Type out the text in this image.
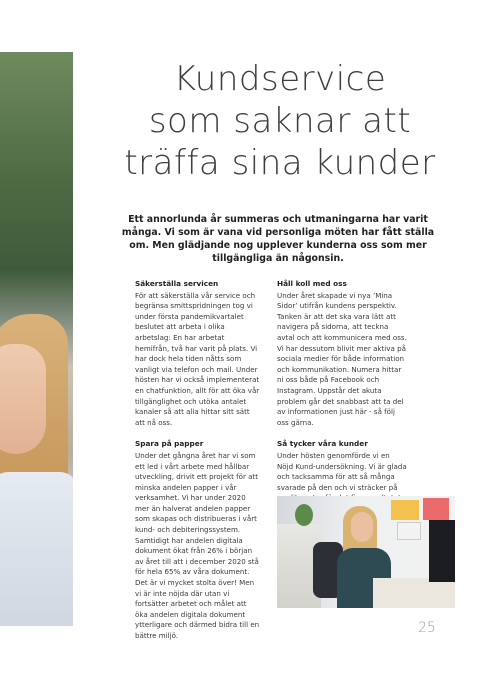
Kundservice
som saknar att
träffa sina kunder
Ett annorlunda år summeras och utmaningarna har varit många. Vi som är vana vid personliga möten har fått ställa om. Men glädjande nog upplever kunderna oss som mer tillgängliga än någonsin.
Säkerställa servicen

För att säkerställa vår service och begränsa smittspridningen tog vi under första pandemikvartalet beslutet att arbeta i olika arbetslag: En har arbetat hemifrån, två har varit på plats. Vi har dock hela tiden nåtts som vanligt via telefon och mail. Under hösten har vi också implementerat en chatfunktion, allt för att öka vår tillgänglighet och utöka antalet kanaler så att alla hittar sitt sätt att nå oss.

Spara på papper

Under det gångna året har vi som ett led i vårt arbete med hållbar utveckling, drivit ett projekt för att minska andelen papper i vår verksamhet. Vi har under 2020 mer än halverat andelen papper som skapas och distribueras i vårt kund- och debiteringssystem. Samtidigt har andelen digitala dokument ökat från 26% i början av året till att i december 2020 stå för hela 65% av våra dokument. Det är vi mycket stolta över! Men vi är inte nöjda där utan vi fortsätter arbetet och målet att öka andelen digitala dokument ytterligare och därmed bidra till en bättre miljö.

Håll koll med oss

Under året skapade vi nya ’Mina Sidor’ utifrån kundens perspektiv. Tanken är att det ska vara lätt att navigera på sidorna, att teckna avtal och att kommunicera med oss. Vi har dessutom blivit mer aktiva på sociala medier för både information och kommunikation. Numera hittar ni oss både på Facebook och Instagram. Uppstår det akuta problem går det snabbast att ta del av informationen just här - så följ oss gärna.

Så tycker våra kunder

Under hösten genomförde vi en Nöjd Kund-undersökning. Vi är glada och tacksamma för att så många svarade på den och vi sträcker på

25
